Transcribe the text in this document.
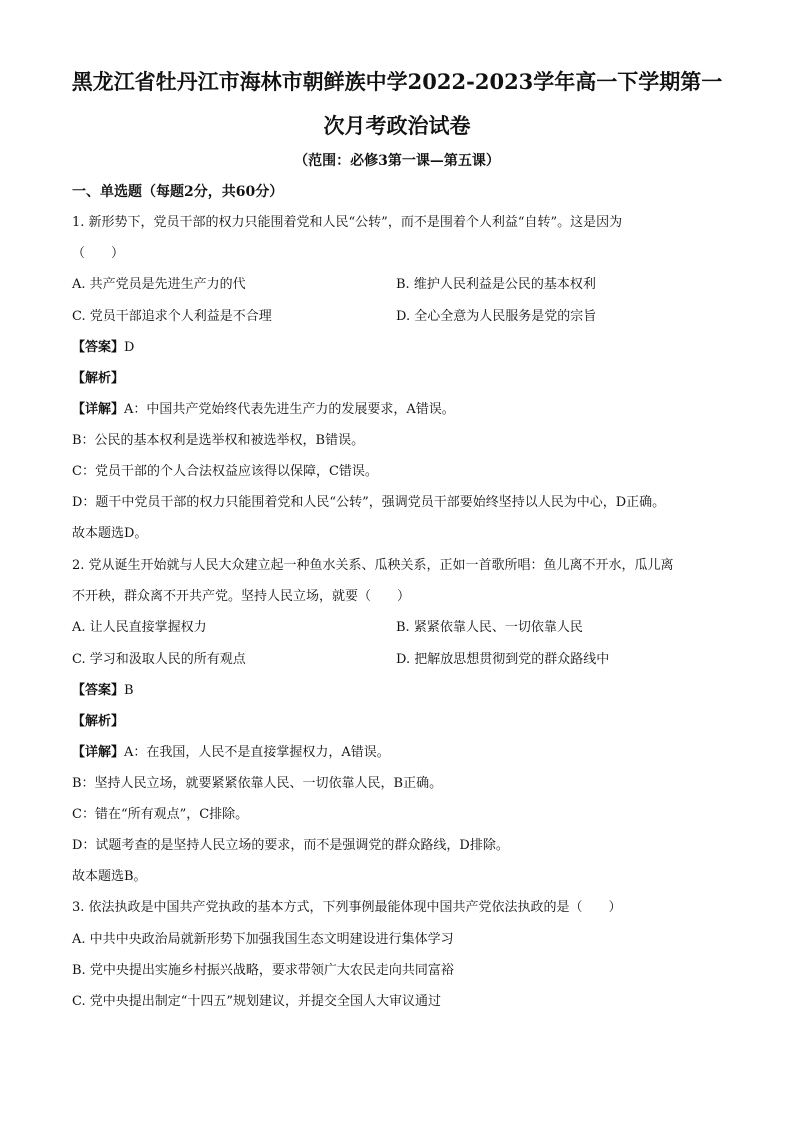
黑龙江省牡丹江市海林市朝鲜族中学2022-2023学年高一下学期第一
次月考政治试卷
（范围：必修3第一课—第五课）
一、单选题（每题2分，共60分）
1. 新形势下，党员干部的权力只能围着党和人民“公转”，而不是围着个人利益“自转”。这是因为
（　　）
A. 共产党员是先进生产力的代	B. 维护人民利益是公民的基本权利
C. 党员干部追求个人利益是不合理	D. 全心全意为人民服务是党的宗旨
【答案】D
【解析】
【详解】A：中国共产党始终代表先进生产力的发展要求，A错误。
B：公民的基本权利是选举权和被选举权，B错误。
C：党员干部的个人合法权益应该得以保障，C错误。
D：题干中党员干部的权力只能围着党和人民“公转”，强调党员干部要始终坚持以人民为中心，D正确。
故本题选D。
2. 党从诞生开始就与人民大众建立起一种鱼水关系、瓜秧关系，正如一首歌所唱：鱼儿离不开水，瓜儿离
不开秧，群众离不开共产党。坚持人民立场，就要（　　）
A. 让人民直接掌握权力	B. 紧紧依靠人民、一切依靠人民
C. 学习和汲取人民的所有观点	D. 把解放思想贯彻到党的群众路线中
【答案】B
【解析】
【详解】A：在我国，人民不是直接掌握权力，A错误。
B：坚持人民立场，就要紧紧依靠人民、一切依靠人民，B正确。
C：错在“所有观点”，C排除。
D：试题考查的是坚持人民立场的要求，而不是强调党的群众路线，D排除。
故本题选B。
3. 依法执政是中国共产党执政的基本方式，下列事例最能体现中国共产党依法执政的是（　　）
A. 中共中央政治局就新形势下加强我国生态文明建设进行集体学习
B. 党中央提出实施乡村振兴战略，要求带领广大农民走向共同富裕
C. 党中央提出制定“十四五”规划建议，并提交全国人大审议通过
